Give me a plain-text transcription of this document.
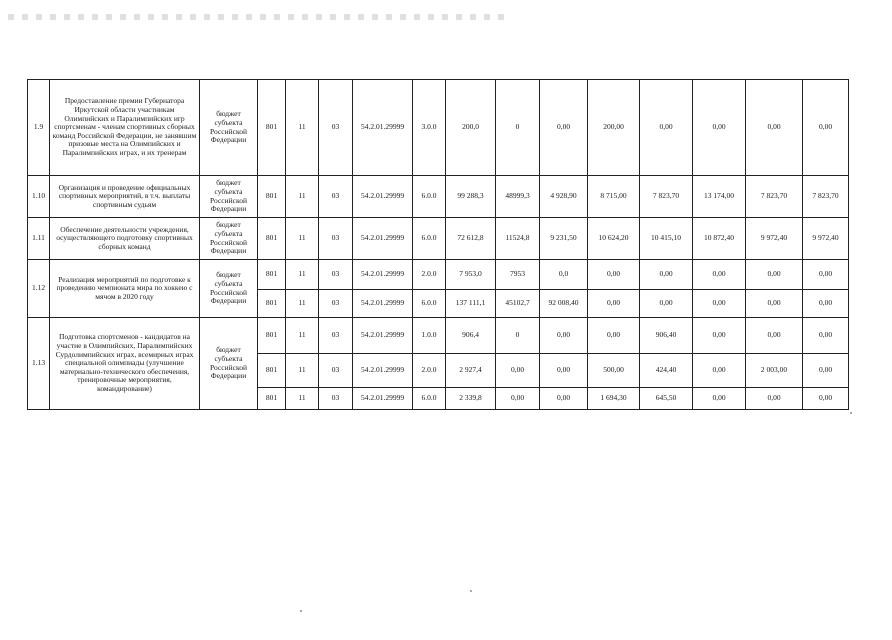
1.9	Предоставление премии Губернатора Иркутской области участникам Олимпийских и Паралимпийских игр спортсменам - членам спортивных сборных команд Российской Федерации, не занявшим призовые места на Олимпийских и Паралимпийских играх, и их тренерам	бюджет субъекта Российской Федерации	801	11	03	54.2.01.29999	3.0.0	200,0	0	0,00	200,00	0,00	0,00	0,00	0,00
1.10	Организация и проведение официальных спортивных мероприятий, в т.ч. выплаты спортивным судьям	бюджет субъекта Российской Федерации	801	11	03	54.2.01.29999	6.0.0	99 288,3	48999,3	4 928,90	8 715,00	7 823,70	13 174,00	7 823,70	7 823,70
1.11	Обеспечение деятельности учреждения, осуществляющего подготовку спортивных сборных команд	бюджет субъекта Российской Федерации	801	11	03	54.2.01.29999	6.0.0	72 612,8	11524,8	9 231,50	10 624,20	10 415,10	10 872,40	9 972,40	9 972,40
1.12	Реализация мероприятий по подготовке к проведению чемпионата мира по хоккею с мячом в 2020 году	бюджет субъекта Российской Федерации	801	11	03	54.2.01.29999	2.0.0	7 953,0	7953	0,0	0,00	0,00	0,00	0,00	0,00
			801	11	03	54.2.01.29999	6.0.0	137 111,1	45102,7	92 008,40	0,00	0,00	0,00	0,00	0,00
1.13	Подготовка спортсменов - кандидатов на участие в Олимпийских, Паралимпийских Сурдолимпийских играх, всемирных играх специальной олимпиады (улучшение материально-технического обеспечения, тренировочные мероприятия, командирование)	бюджет субъекта Российской Федерации	801	11	03	54.2.01.29999	1.0.0	906,4	0	0,00	0,00	906,40	0,00	0,00	0,00
			801	11	03	54.2.01.29999	2.0.0	2 927,4	0,00	0,00	500,00	424,40	0,00	2 003,00	0,00
			801	11	03	54.2.01.29999	6.0.0	2 339,8	0,00	0,00	1 694,30	645,50	0,00	0,00	0,00
